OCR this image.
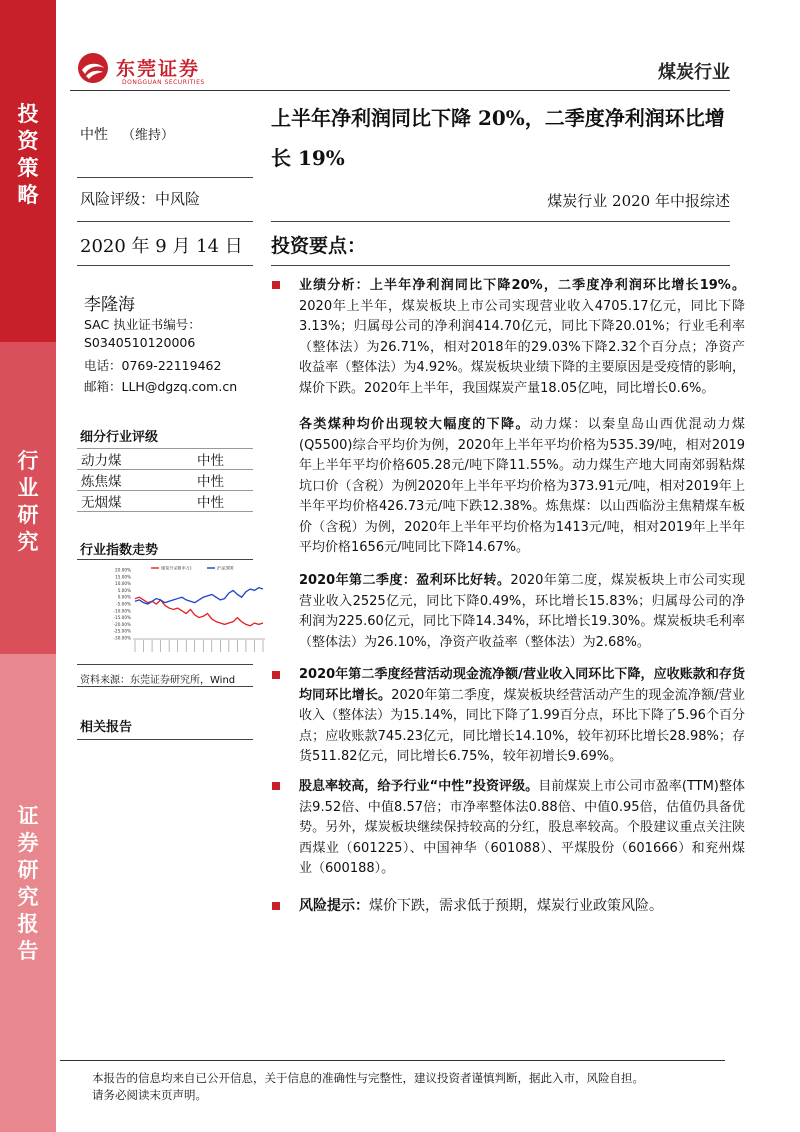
投
资
策
略
行
业
研
究
证
券
研
究
报
告
东莞证券
DONGGUAN SECURITIES	煤炭行业
中性 （维持）
风险评级：中风险
2020 年 9 月 14 日
李隆海
SAC 执业证书编号：
S0340510120006
电话：0769-22119462
邮箱：LLH@dgzq.com.cn
细分行业评级
动力煤	中性
炼焦煤	中性
无烟煤	中性
行业指数走势
20.00%
15.00%
10.00%
5.00%
0.00%
-5.00%
-10.00%
-15.00%
-20.00%
-25.00%
-30.00%
煤炭开采Ⅱ(申万)	沪深300
资料来源：东莞证券研究所，Wind
相关报告
上半年净利润同比下降 20%，二季度净利润环比增长 19%
煤炭行业 2020 年中报综述
投资要点：
业绩分析：上半年净利润同比下降20%，二季度净利润环比增长19%。2020年上半年，煤炭板块上市公司实现营业收入4705.17亿元，同比下降3.13%；归属母公司的净利润414.70亿元，同比下降20.01%；行业毛利率（整体法）为26.71%，相对2018年的29.03%下降2.32个百分点；净资产收益率（整体法）为4.92%。煤炭板块业绩下降的主要原因是受疫情的影响，煤价下跌。2020年上半年，我国煤炭产量18.05亿吨，同比增长0.6%。
各类煤种均价出现较大幅度的下降。动力煤：以秦皇岛山西优混动力煤(Q5500)综合平均价为例，2020年上半年平均价格为535.39/吨，相对2019年上半年平均价格605.28元/吨下降11.55%。动力煤生产地大同南郊弱粘煤坑口价（含税）为例2020年上半年平均价格为373.91元/吨，相对2019年上半年平均价格426.73元/吨下跌12.38%。炼焦煤：以山西临汾主焦精煤车板价（含税）为例，2020年上半年平均价格为1413元/吨，相对2019年上半年平均价格1656元/吨同比下降14.67%。
2020年第二季度：盈利环比好转。2020年第二度，煤炭板块上市公司实现营业收入2525亿元，同比下降0.49%，环比增长15.83%；归属母公司的净利润为225.60亿元，同比下降14.34%，环比增长19.30%。煤炭板块毛利率（整体法）为26.10%，净资产收益率（整体法）为2.68%。
2020年第二季度经营活动现金流净额/营业收入同环比下降，应收账款和存货均同环比增长。2020年第二季度，煤炭板块经营活动产生的现金流净额/营业收入（整体法）为15.14%，同比下降了1.99百分点，环比下降了5.96个百分点；应收账款745.23亿元，同比增长14.10%，较年初环比增长28.98%；存货511.82亿元，同比增长6.75%，较年初增长9.69%。
股息率较高，给予行业“中性”投资评级。目前煤炭上市公司市盈率(TTM)整体法9.52倍、中值8.57倍；市净率整体法0.88倍、中值0.95倍，估值仍具备优势。另外，煤炭板块继续保持较高的分红，股息率较高。个股建议重点关注陕西煤业（601225）、中国神华（601088）、平煤股份（601666）和兖州煤业（600188）。
风险提示：煤价下跌，需求低于预期，煤炭行业政策风险。
本报告的信息均来自已公开信息，关于信息的准确性与完整性，建议投资者谨慎判断，据此入市，风险自担。
请务必阅读末页声明。
